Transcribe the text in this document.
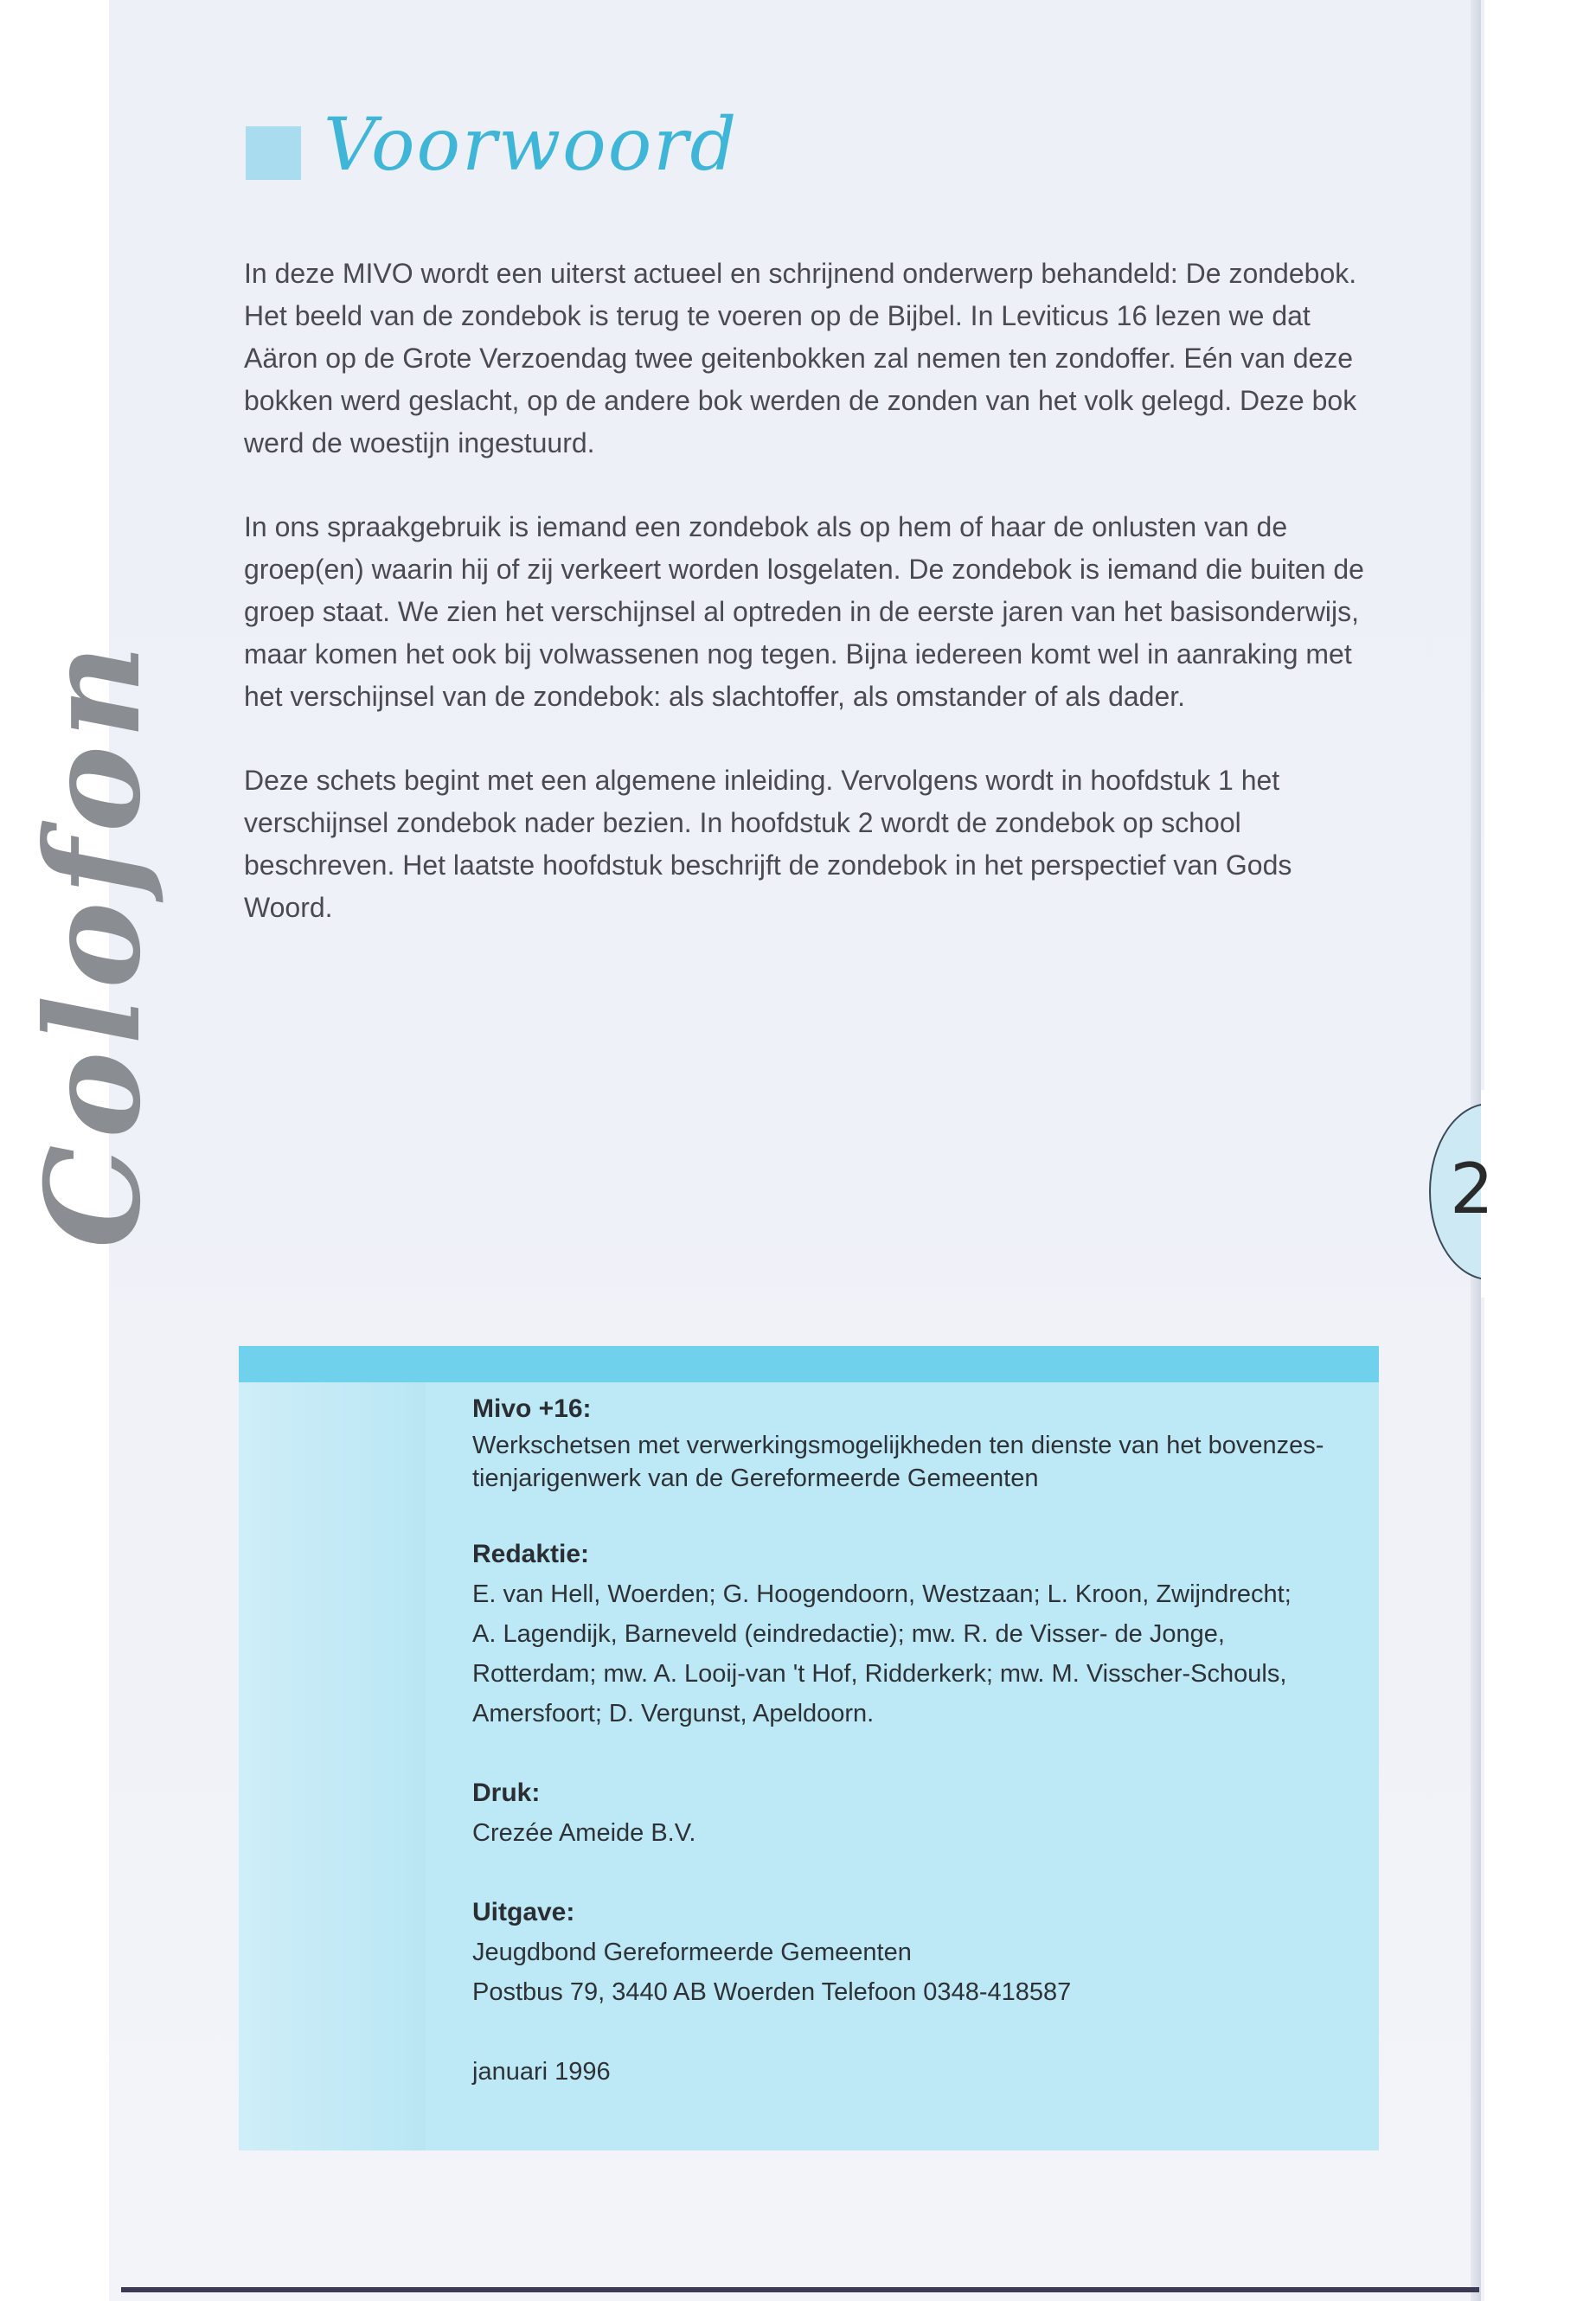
Voorwoord

In deze MIVO wordt een uiterst actueel en schrijnend onderwerp behandeld: De zondebok. Het beeld van de zondebok is terug te voeren op de Bijbel. In Leviticus 16 lezen we dat Aäron op de Grote Verzoendag twee geitenbokken zal nemen ten zondoffer. Eén van deze bokken werd geslacht, op de andere bok werden de zonden van het volk gelegd. Deze bok werd de woestijn ingestuurd.

In ons spraakgebruik is iemand een zondebok als op hem of haar de onlusten van de groep(en) waarin hij of zij verkeert worden losgelaten. De zondebok is iemand die buiten de groep staat. We zien het verschijnsel al optreden in de eerste jaren van het basisonderwijs, maar komen het ook bij volwassenen nog tegen. Bijna iedereen komt wel in aanraking met het verschijnsel van de zondebok: als slachtoffer, als omstander of als dader.

Deze schets begint met een algemene inleiding. Vervolgens wordt in hoofdstuk 1 het verschijnsel zondebok nader bezien. In hoofdstuk 2 wordt de zondebok op school beschreven. Het laatste hoofdstuk beschrijft de zondebok in het perspectief van Gods Woord.

2
Mivo +16:
Werkschetsen met verwerkingsmogelijkheden ten dienste van het bovenzes-
tienjarigenwerk van de Gereformeerde Gemeenten
Redaktie:
E. van Hell, Woerden; G. Hoogendoorn, Westzaan; L. Kroon, Zwijndrecht;
A. Lagendijk, Barneveld (eindredactie); mw. R. de Visser- de Jonge,
Rotterdam; mw. A. Looij-van 't Hof, Ridderkerk; mw. M. Visscher-Schouls,
Amersfoort; D. Vergunst, Apeldoorn.
Druk:
Crezée Ameide B.V.
Uitgave:
Jeugdbond Gereformeerde Gemeenten
Postbus 79, 3440 AB Woerden Telefoon 0348-418587
januari 1996
Colofon
